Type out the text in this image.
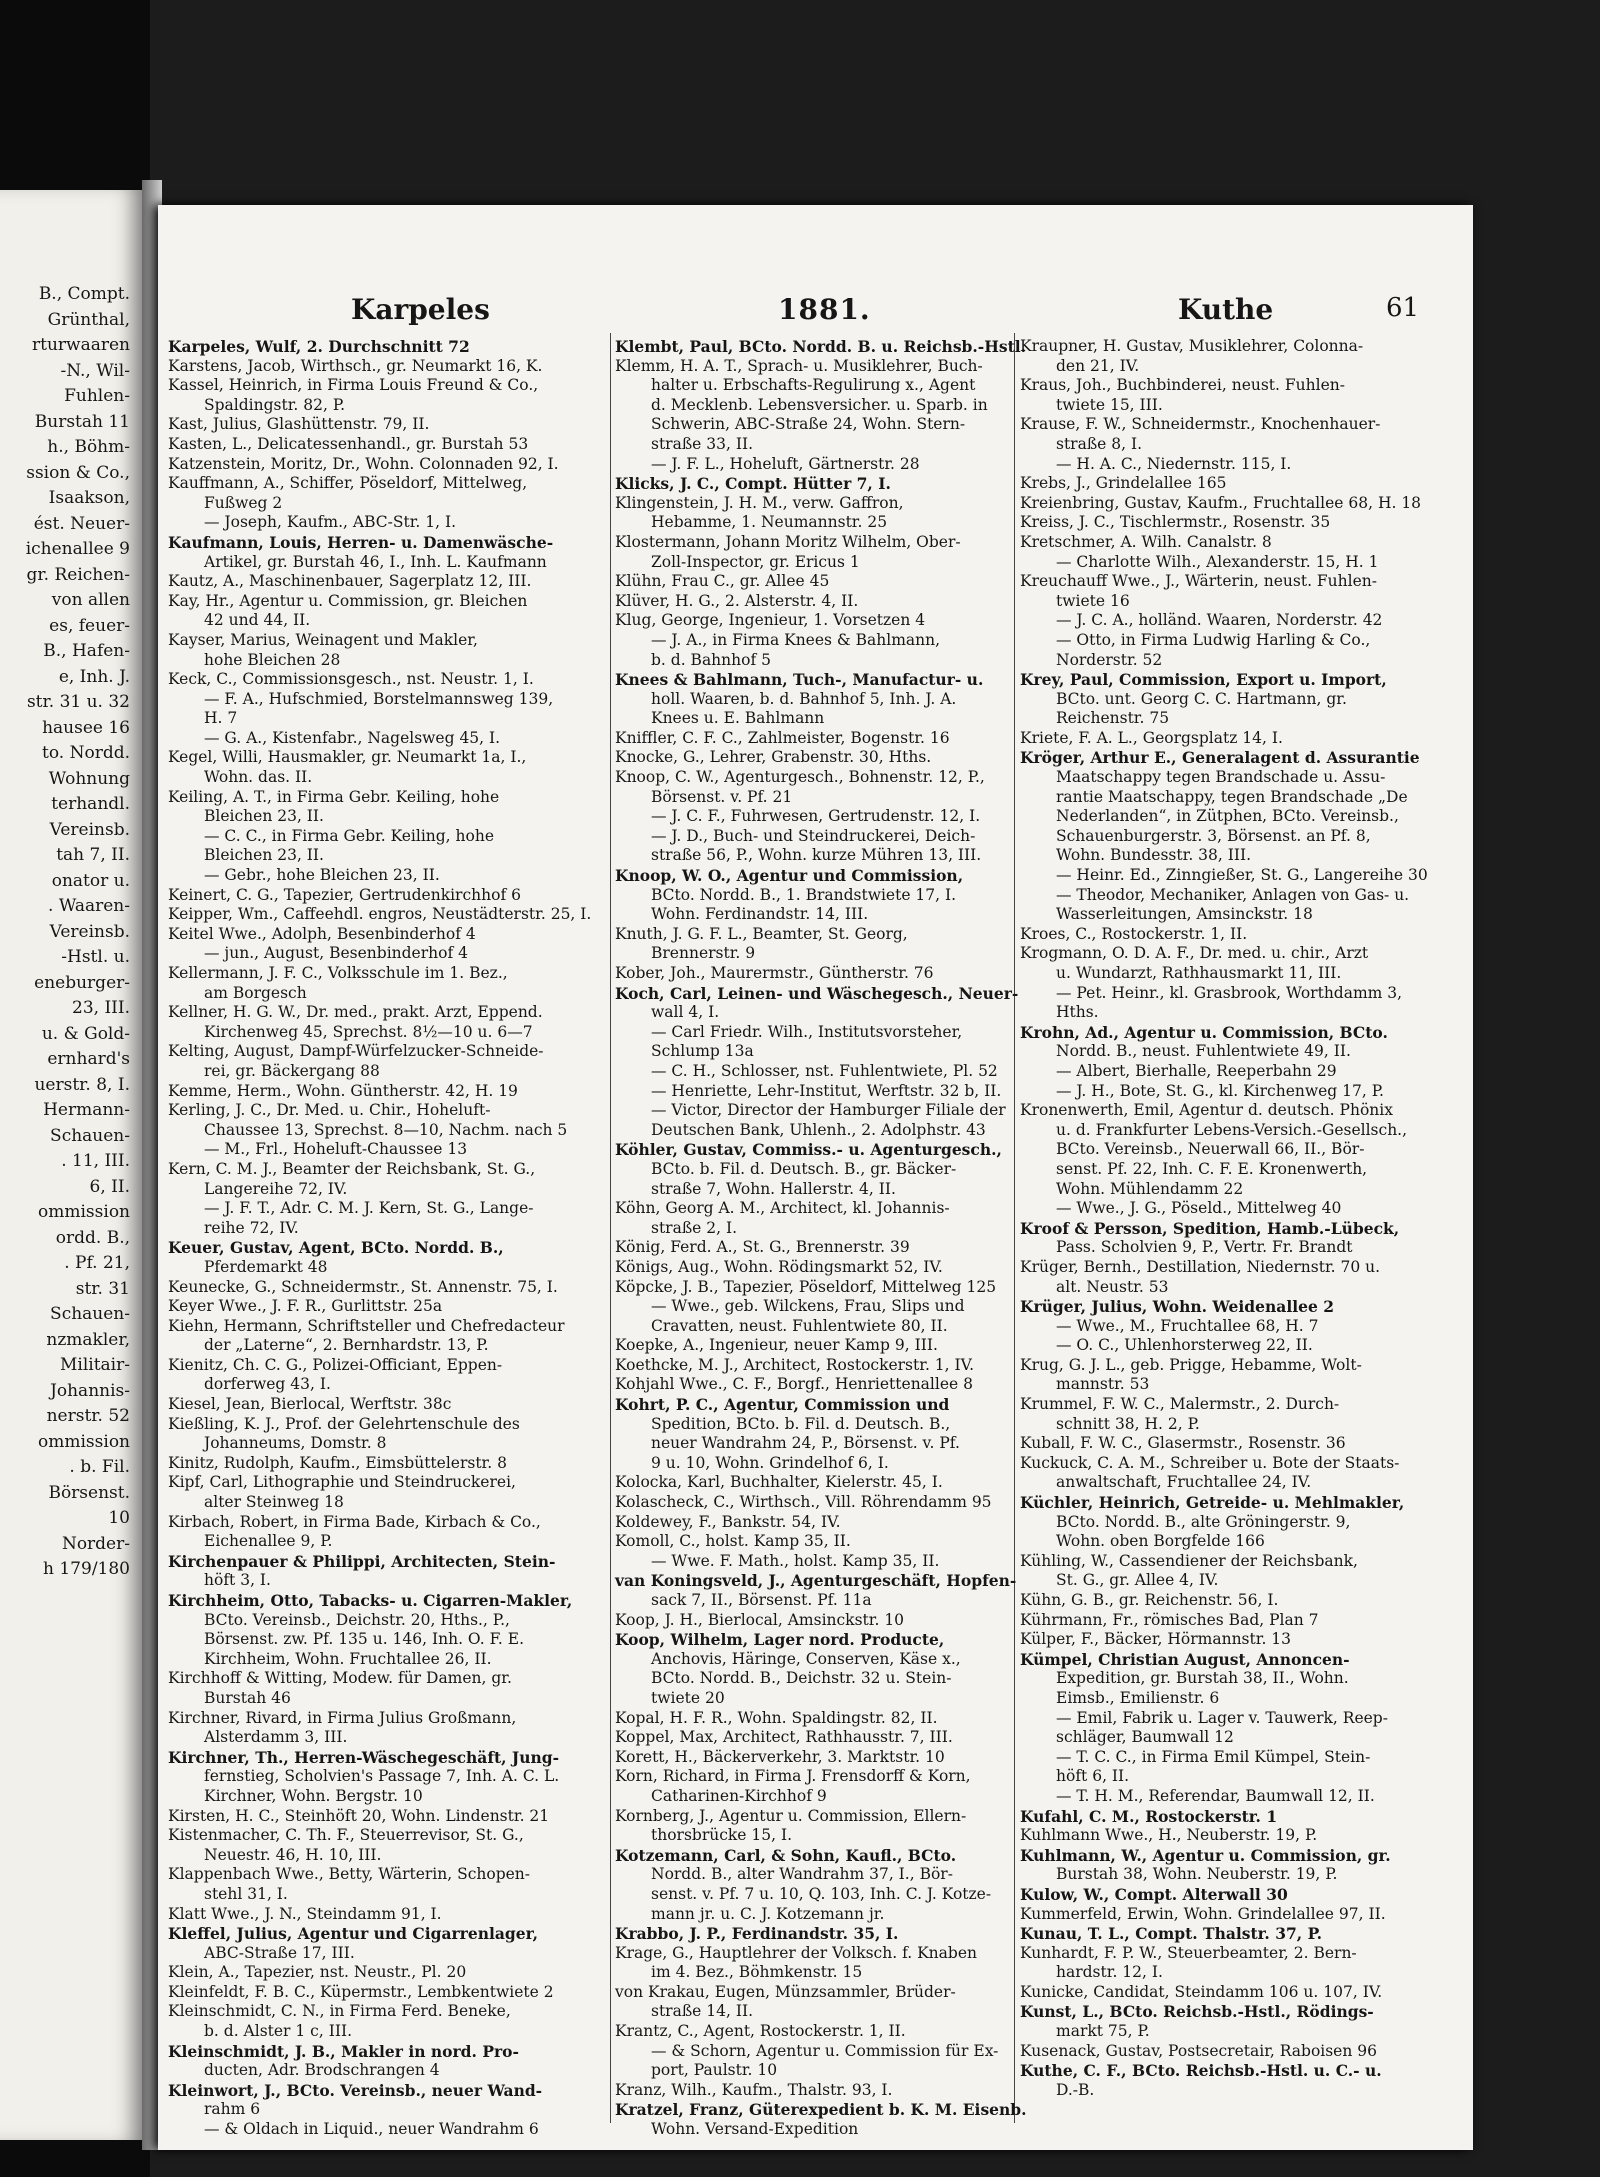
B., Compt.
Grünthal,
rturwaaren
-N., Wil-
Fuhlen-
Burstah 11
h., Böhm-
ssion & Co.,
Isaakson,
ést. Neuer-
ichenallee 9
gr. Reichen-
von allen
es, feuer-
B., Hafen-
e, Inh. J.
str. 31 u. 32
hausee 16
to. Nordd.
Wohnung
terhandl.
Vereinsb.
tah 7, II.
onator u.
. Waaren-
Vereinsb.
-Hstl. u.
eneburger-
23, III.
u. & Gold-
ernhard's
uerstr. 8, I.
Hermann-
Schauen-
. 11, III.
6, II.
ommission
ordd. B.,
. Pf. 21,
str. 31
Schauen-
nzmakler,
Militair-
Johannis-
nerstr. 52
ommission
. b. Fil.
Börsenst.
10
Norder-
h 179/180
Karpeles	1881.	Kuthe	61
Karpeles, Wulf, 2. Durchschnitt 72
Karstens, Jacob, Wirthsch., gr. Neumarkt 16, K.
Kassel, Heinrich, in Firma Louis Freund & Co.,
Spaldingstr. 82, P.
Kast, Julius, Glashüttenstr. 79, II.
Kasten, L., Delicatessenhandl., gr. Burstah 53
Katzenstein, Moritz, Dr., Wohn. Colonnaden 92, I.
Kauffmann, A., Schiffer, Pöseldorf, Mittelweg,
Fußweg 2
— Joseph, Kaufm., ABC-Str. 1, I.
Kaufmann, Louis, Herren- u. Damenwäsche-
Artikel, gr. Burstah 46, I., Inh. L. Kaufmann
Kautz, A., Maschinenbauer, Sagerplatz 12, III.
Kay, Hr., Agentur u. Commission, gr. Bleichen
42 und 44, II.
Kayser, Marius, Weinagent und Makler,
hohe Bleichen 28
Keck, C., Commissionsgesch., nst. Neustr. 1, I.
— F. A., Hufschmied, Borstelmannsweg 139,
H. 7
— G. A., Kistenfabr., Nagelsweg 45, I.
Kegel, Willi, Hausmakler, gr. Neumarkt 1a, I.,
Wohn. das. II.
Keiling, A. T., in Firma Gebr. Keiling, hohe
Bleichen 23, II.
— C. C., in Firma Gebr. Keiling, hohe
Bleichen 23, II.
— Gebr., hohe Bleichen 23, II.
Keinert, C. G., Tapezier, Gertrudenkirchhof 6
Keipper, Wm., Caffeehdl. engros, Neustädterstr. 25, I.
Keitel Wwe., Adolph, Besenbinderhof 4
— jun., August, Besenbinderhof 4
Kellermann, J. F. C., Volksschule im 1. Bez.,
am Borgesch
Kellner, H. G. W., Dr. med., prakt. Arzt, Eppend.
Kirchenweg 45, Sprechst. 8½—10 u. 6—7
Kelting, August, Dampf-Würfelzucker-Schneide-
rei, gr. Bäckergang 88
Kemme, Herm., Wohn. Güntherstr. 42, H. 19
Kerling, J. C., Dr. Med. u. Chir., Hoheluft-
Chaussee 13, Sprechst. 8—10, Nachm. nach 5
— M., Frl., Hoheluft-Chaussee 13
Kern, C. M. J., Beamter der Reichsbank, St. G.,
Langereihe 72, IV.
— J. F. T., Adr. C. M. J. Kern, St. G., Lange-
reihe 72, IV.
Keuer, Gustav, Agent, BCto. Nordd. B.,
Pferdemarkt 48
Keunecke, G., Schneidermstr., St. Annenstr. 75, I.
Keyer Wwe., J. F. R., Gurlittstr. 25a
Kiehn, Hermann, Schriftsteller und Chefredacteur
der „Laterne“, 2. Bernhardstr. 13, P.
Kienitz, Ch. C. G., Polizei-Officiant, Eppen-
dorferweg 43, I.
Kiesel, Jean, Bierlocal, Werftstr. 38c
Kießling, K. J., Prof. der Gelehrtenschule des
Johanneums, Domstr. 8
Kinitz, Rudolph, Kaufm., Eimsbüttelerstr. 8
Kipf, Carl, Lithographie und Steindruckerei,
alter Steinweg 18
Kirbach, Robert, in Firma Bade, Kirbach & Co.,
Eichenallee 9, P.
Kirchenpauer & Philippi, Architecten, Stein-
höft 3, I.
Kirchheim, Otto, Tabacks- u. Cigarren-Makler,
BCto. Vereinsb., Deichstr. 20, Hths., P.,
Börsenst. zw. Pf. 135 u. 146, Inh. O. F. E.
Kirchheim, Wohn. Fruchtallee 26, II.
Kirchhoff & Witting, Modew. für Damen, gr.
Burstah 46
Kirchner, Rivard, in Firma Julius Großmann,
Alsterdamm 3, III.
Kirchner, Th., Herren-Wäschegeschäft, Jung-
fernstieg, Scholvien's Passage 7, Inh. A. C. L.
Kirchner, Wohn. Bergstr. 10
Kirsten, H. C., Steinhöft 20, Wohn. Lindenstr. 21
Kistenmacher, C. Th. F., Steuerrevisor, St. G.,
Neuestr. 46, H. 10, III.
Klappenbach Wwe., Betty, Wärterin, Schopen-
stehl 31, I.
Klatt Wwe., J. N., Steindamm 91, I.
Kleffel, Julius, Agentur und Cigarrenlager,
ABC-Straße 17, III.
Klein, A., Tapezier, nst. Neustr., Pl. 20
Kleinfeldt, F. B. C., Küpermstr., Lembkentwiete 2
Kleinschmidt, C. N., in Firma Ferd. Beneke,
b. d. Alster 1 c, III.
Kleinschmidt, J. B., Makler in nord. Pro-
ducten, Adr. Brodschrangen 4
Kleinwort, J., BCto. Vereinsb., neuer Wand-
rahm 6
— & Oldach in Liquid., neuer Wandrahm 6
Klembt, Paul, BCto. Nordd. B. u. Reichsb.-Hstl.
Klemm, H. A. T., Sprach- u. Musiklehrer, Buch-
halter u. Erbschafts-Regulirung x., Agent
d. Mecklenb. Lebensversicher. u. Sparb. in
Schwerin, ABC-Straße 24, Wohn. Stern-
straße 33, II.
— J. F. L., Hoheluft, Gärtnerstr. 28
Klicks, J. C., Compt. Hütter 7, I.
Klingenstein, J. H. M., verw. Gaffron,
Hebamme, 1. Neumannstr. 25
Klostermann, Johann Moritz Wilhelm, Ober-
Zoll-Inspector, gr. Ericus 1
Klühn, Frau C., gr. Allee 45
Klüver, H. G., 2. Alsterstr. 4, II.
Klug, George, Ingenieur, 1. Vorsetzen 4
— J. A., in Firma Knees & Bahlmann,
b. d. Bahnhof 5
Knees & Bahlmann, Tuch-, Manufactur- u.
holl. Waaren, b. d. Bahnhof 5, Inh. J. A.
Knees u. E. Bahlmann
Kniffler, C. F. C., Zahlmeister, Bogenstr. 16
Knocke, G., Lehrer, Grabenstr. 30, Hths.
Knoop, C. W., Agenturgesch., Bohnenstr. 12, P.,
Börsenst. v. Pf. 21
— J. C. F., Fuhrwesen, Gertrudenstr. 12, I.
— J. D., Buch- und Steindruckerei, Deich-
straße 56, P., Wohn. kurze Mühren 13, III.
Knoop, W. O., Agentur und Commission,
BCto. Nordd. B., 1. Brandstwiete 17, I.
Wohn. Ferdinandstr. 14, III.
Knuth, J. G. F. L., Beamter, St. Georg,
Brennerstr. 9
Kober, Joh., Maurermstr., Güntherstr. 76
Koch, Carl, Leinen- und Wäschegesch., Neuer-
wall 4, I.
— Carl Friedr. Wilh., Institutsvorsteher,
Schlump 13a
— C. H., Schlosser, nst. Fuhlentwiete, Pl. 52
— Henriette, Lehr-Institut, Werftstr. 32 b, II.
— Victor, Director der Hamburger Filiale der
Deutschen Bank, Uhlenh., 2. Adolphstr. 43
Köhler, Gustav, Commiss.- u. Agenturgesch.,
BCto. b. Fil. d. Deutsch. B., gr. Bäcker-
straße 7, Wohn. Hallerstr. 4, II.
Köhn, Georg A. M., Architect, kl. Johannis-
straße 2, I.
König, Ferd. A., St. G., Brennerstr. 39
Königs, Aug., Wohn. Rödingsmarkt 52, IV.
Köpcke, J. B., Tapezier, Pöseldorf, Mittelweg 125
— Wwe., geb. Wilckens, Frau, Slips und
Cravatten, neust. Fuhlentwiete 80, II.
Koepke, A., Ingenieur, neuer Kamp 9, III.
Koethcke, M. J., Architect, Rostockerstr. 1, IV.
Kohjahl Wwe., C. F., Borgf., Henriettenallee 8
Kohrt, P. C., Agentur, Commission und
Spedition, BCto. b. Fil. d. Deutsch. B.,
neuer Wandrahm 24, P., Börsenst. v. Pf.
9 u. 10, Wohn. Grindelhof 6, I.
Kolocka, Karl, Buchhalter, Kielerstr. 45, I.
Kolascheck, C., Wirthsch., Vill. Röhrendamm 95
Koldewey, F., Bankstr. 54, IV.
Komoll, C., holst. Kamp 35, II.
— Wwe. F. Math., holst. Kamp 35, II.
van Koningsveld, J., Agenturgeschäft, Hopfen-
sack 7, II., Börsenst. Pf. 11a
Koop, J. H., Bierlocal, Amsinckstr. 10
Koop, Wilhelm, Lager nord. Producte,
Anchovis, Häringe, Conserven, Käse x.,
BCto. Nordd. B., Deichstr. 32 u. Stein-
twiete 20
Kopal, H. F. R., Wohn. Spaldingstr. 82, II.
Koppel, Max, Architect, Rathhausstr. 7, III.
Korett, H., Bäckerverkehr, 3. Marktstr. 10
Korn, Richard, in Firma J. Frensdorff & Korn,
Catharinen-Kirchhof 9
Kornberg, J., Agentur u. Commission, Ellern-
thorsbrücke 15, I.
Kotzemann, Carl, & Sohn, Kaufl., BCto.
Nordd. B., alter Wandrahm 37, I., Bör-
senst. v. Pf. 7 u. 10, Q. 103, Inh. C. J. Kotze-
mann jr. u. C. J. Kotzemann jr.
Krabbo, J. P., Ferdinandstr. 35, I.
Krage, G., Hauptlehrer der Volksch. f. Knaben
im 4. Bez., Böhmkenstr. 15
von Krakau, Eugen, Münzsammler, Brüder-
straße 14, II.
Krantz, C., Agent, Rostockerstr. 1, II.
— & Schorn, Agentur u. Commission für Ex-
port, Paulstr. 10
Kranz, Wilh., Kaufm., Thalstr. 93, I.
Kratzel, Franz, Güterexpedient b. K. M. Eisenb.
Wohn. Versand-Expedition
Kraupner, H. Gustav, Musiklehrer, Colonna-
den 21, IV.
Kraus, Joh., Buchbinderei, neust. Fuhlen-
twiete 15, III.
Krause, F. W., Schneidermstr., Knochenhauer-
straße 8, I.
— H. A. C., Niedernstr. 115, I.
Krebs, J., Grindelallee 165
Kreienbring, Gustav, Kaufm., Fruchtallee 68, H. 18
Kreiss, J. C., Tischlermstr., Rosenstr. 35
Kretschmer, A. Wilh. Canalstr. 8
— Charlotte Wilh., Alexanderstr. 15, H. 1
Kreuchauff Wwe., J., Wärterin, neust. Fuhlen-
twiete 16
— J. C. A., holländ. Waaren, Norderstr. 42
— Otto, in Firma Ludwig Harling & Co.,
Norderstr. 52
Krey, Paul, Commission, Export u. Import,
BCto. unt. Georg C. C. Hartmann, gr.
Reichenstr. 75
Kriete, F. A. L., Georgsplatz 14, I.
Kröger, Arthur E., Generalagent d. Assurantie
Maatschappy tegen Brandschade u. Assu-
rantie Maatschappy, tegen Brandschade „De
Nederlanden“, in Zütphen, BCto. Vereinsb.,
Schauenburgerstr. 3, Börsenst. an Pf. 8,
Wohn. Bundesstr. 38, III.
— Heinr. Ed., Zinngießer, St. G., Langereihe 30
— Theodor, Mechaniker, Anlagen von Gas- u.
Wasserleitungen, Amsinckstr. 18
Kroes, C., Rostockerstr. 1, II.
Krogmann, O. D. A. F., Dr. med. u. chir., Arzt
u. Wundarzt, Rathhausmarkt 11, III.
— Pet. Heinr., kl. Grasbrook, Worthdamm 3,
Hths.
Krohn, Ad., Agentur u. Commission, BCto.
Nordd. B., neust. Fuhlentwiete 49, II.
— Albert, Bierhalle, Reeperbahn 29
— J. H., Bote, St. G., kl. Kirchenweg 17, P.
Kronenwerth, Emil, Agentur d. deutsch. Phönix
u. d. Frankfurter Lebens-Versich.-Gesellsch.,
BCto. Vereinsb., Neuerwall 66, II., Bör-
senst. Pf. 22, Inh. C. F. E. Kronenwerth,
Wohn. Mühlendamm 22
— Wwe., J. G., Pöseld., Mittelweg 40
Kroof & Persson, Spedition, Hamb.-Lübeck,
Pass. Scholvien 9, P., Vertr. Fr. Brandt
Krüger, Bernh., Destillation, Niedernstr. 70 u.
alt. Neustr. 53
Krüger, Julius, Wohn. Weidenallee 2
— Wwe., M., Fruchtallee 68, H. 7
— O. C., Uhlenhorsterweg 22, II.
Krug, G. J. L., geb. Prigge, Hebamme, Wolt-
mannstr. 53
Krummel, F. W. C., Malermstr., 2. Durch-
schnitt 38, H. 2, P.
Kuball, F. W. C., Glasermstr., Rosenstr. 36
Kuckuck, C. A. M., Schreiber u. Bote der Staats-
anwaltschaft, Fruchtallee 24, IV.
Küchler, Heinrich, Getreide- u. Mehlmakler,
BCto. Nordd. B., alte Gröningerstr. 9,
Wohn. oben Borgfelde 166
Kühling, W., Cassendiener der Reichsbank,
St. G., gr. Allee 4, IV.
Kühn, G. B., gr. Reichenstr. 56, I.
Kührmann, Fr., römisches Bad, Plan 7
Külper, F., Bäcker, Hörmannstr. 13
Kümpel, Christian August, Annoncen-
Expedition, gr. Burstah 38, II., Wohn.
Eimsb., Emilienstr. 6
— Emil, Fabrik u. Lager v. Tauwerk, Reep-
schläger, Baumwall 12
— T. C. C., in Firma Emil Kümpel, Stein-
höft 6, II.
— T. H. M., Referendar, Baumwall 12, II.
Kufahl, C. M., Rostockerstr. 1
Kuhlmann Wwe., H., Neuberstr. 19, P.
Kuhlmann, W., Agentur u. Commission, gr.
Burstah 38, Wohn. Neuberstr. 19, P.
Kulow, W., Compt. Alterwall 30
Kummerfeld, Erwin, Wohn. Grindelallee 97, II.
Kunau, T. L., Compt. Thalstr. 37, P.
Kunhardt, F. P. W., Steuerbeamter, 2. Bern-
hardstr. 12, I.
Kunicke, Candidat, Steindamm 106 u. 107, IV.
Kunst, L., BCto. Reichsb.-Hstl., Rödings-
markt 75, P.
Kusenack, Gustav, Postsecretair, Raboisen 96
Kuthe, C. F., BCto. Reichsb.-Hstl. u. C.- u.
D.-B.
